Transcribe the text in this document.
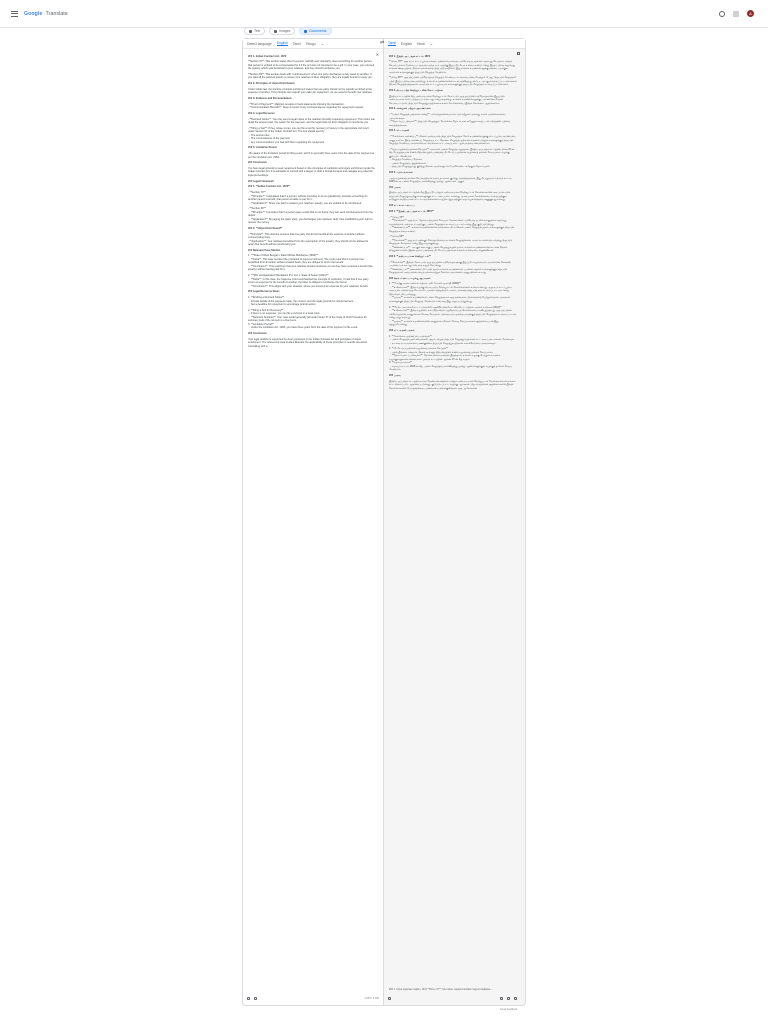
Google Translate	A
Text	Images	Documents
Detect language English Tamil Telugu ⌄
✕

### 1. Indian Contract Act, 1872

**Section 70**: This section states that if a person, lawfully and voluntarily, does something for another person, that person is entitled to be compensated for it if the act was not intended to be a gift. In your case, you returned the jewelry, which was beneficial to your relatives, and they should reimburse you.

**Section 69**: This section deals with "reimbursement" when one party discharges a duty owed by another. If you paid off the pawned jewelry to relieve your relatives of their obligation, they are legally bound to repay you.

### 2. Principles of Unjust Enrichment

Under Indian law, the doctrine of unjust enrichment states that one party should not be unjustly enriched at the expense of another. This principle can support your claim for repayment, as you acted to benefit your relatives.

### 3. Evidence and Documentation

- **Proof of Payment**: Maintain receipts or bank statements showing the transaction.
- **Communication Records**: Keep a record of any correspondence regarding the repayment request.

### 4. Legal Recourse

- **Demand Notice**: You may send a legal notice to the relatives formally requesting repayment. This notice can detail the amount paid, the reason for the payment, and the legal basis for their obligation to reimburse you.

- **Filing a Suit**: If they refuse to pay, you can file a suit for recovery of money in the appropriate civil court under Section 67 of the Indian Contract Act. The suit should specify:
- The amount due
- The circumstances of the payment
- Any communications you had with them regarding the repayment

### 5. Limitation Period

- Be aware of the limitation period for filing a suit, which is generally three years from the date of the payment as per the Limitation Act, 1963.

### Conclusion

You have legal grounds to seek repayment based on the principles of restitution and unjust enrichment under the Indian Contract Act. It is advisable to consult with a lawyer to draft a formal demand and navigate any potential legal proceedings.

### Legal Framework

### 1. **Indian Contract Act, 1872**

- **Section 70**
- **Principle**: It stipulates that if a person, without intending to do so gratuitously, provides something for another person's benefit, that person is liable to pay for it.
- **Application**: Since you paid to redeem your relatives' jewelry, you are entitled to be reimbursed.

- **Section 69**
- **Principle**: It provides that if a person pays a debt that is not theirs, they can seek reimbursement from the debtor.
- **Application**: By paying the pawn shop, you discharged your relatives' debt, thus establishing your right to recover the money.

### 2. **Unjust Enrichment**

- **Principle**: This doctrine ensures that one party should not benefit at the expense of another without compensating them.
- **Application**: Your relatives benefitted from the redemption of the jewelry; they should not be allowed to retain that benefit without reimbursing you.

### Relevant Case Studies

1. ***State of West Bengal v. Dasir Mohan Mukherjee (1960)**
- **Facts**: This case involved the principles of unjust enrichment. The court ruled that if a person has benefitted from an action without a lawful basis, they are obliged to return the benefit.
- **Conclusion**: This reinforces that your relatives should reimburse you as they have received a benefit (the jewelry) without having paid for it.

2. ***M/s. Amalgamated Plantations Pvt. Ltd. v. State of Assam (2011)**
- **Facts**: In this case, the Supreme Court emphasized the principle of restitution. It held that if one party incurs an expense for the benefit of another, the latter is obliged to reimburse the former.
- **Conclusion**: This aligns with your situation, where you incurred an expense for your relatives' benefit.

### Legal Recourse Steps

1. **Drafting a Demand Notice**
- Include details of the payment made, the context, and the legal grounds for reimbursement.
- Set a deadline for repayment to encourage prompt action.

2. **Filing a Suit for Recovery**
- If there is no response, you can file a civil suit in a local court.
- **Relevant Sections**: Your case would generally fall under Order 37 of the Code of Civil Procedure for summary suits if the amount is a fixed sum.
3. **Limitation Period**
- Under the Limitation Act, 1963, you have three years from the date of the payment to file a suit.

### Conclusion

Your legal position is supported by clear provisions in the Indian Contract Act and principles of unjust enrichment. The referenced case studies illustrate the applicability of these principles in real-life scenarios. Consulting with a

4,953 / 5,000
⇄ Tamil English Hindi ⌄

### 1. இந்திய ஒப்பந்தச் சட்டம், 1872

**பிரிவு 70**: ஒரு நபர், சட்டப்பூர்வமாகவும், தன்னார்வமாகவும், மற்றொரு நபருக்காக ஏதாவது செய்தால், அந்தச் செயல் பரிசாக நோக்கப்படாதவரை அந்த நபர் அதற்கு இழப்பீடு பெற உரிமை உண்டு என்று இந்தப் பிரிவு கூறுகிறது. உங்கள் விஷயத்தில், நீங்கள் நகைகளைத் திருப்பித் தந்தீர்கள், இது உங்கள் உறவினர்களுக்கு நன்மை பயக்கும், அவர்கள் உங்களுக்குத் திருப்பிச் செலுத்த வேண்டும்.

**பிரிவு 69**: ஒரு தரப்பினர் மற்றொருவர் செலுத்த வேண்டிய கடமையை நிறைவேற்றும் போது "திருப்பிச் செலுத்தல்" பற்றி இந்தப் பிரிவு கையாள்கிறது. உங்கள் உறவினர்களின் கடமையிலிருந்து விடுபட அடகு வைக்கப்பட்ட நகைகளை நீங்கள் செலுத்தியிருந்தால், அவர்கள் சட்டப்பூர்வமாக உங்களுக்குத் திருப்பிச் செலுத்தக் கடமைப்பட்டுள்ளனர்.

### 2. நியாயமற்ற செறிவூட்டலின் கோட்பாடுகள்

இந்தியச் சட்டத்தின் கீழ், அநியாயமான செறிவூட்டல் கோட்பாடு, ஒரு தரப்பினர் மற்றொருவரின் இழப்பில் அநியாயமாக வளப்படுத்தப்படக் கூடாது என்று கூறுகிறது. உங்கள் உறவினர்களுக்குப் பலனளிக்க நீங்கள் செயல்பட்டதால், திருப்பிச் செலுத்துவதற்கான உங்கள் கோரிக்கையை இந்தக் கொள்கை ஆதரிக்கலாம்.

### 3. சான்றுகள் மற்றும் ஆவணங்கள்

- **பணம் செலுத்தியதற்கான சான்று**: பரிவர்த்தனையைக் காட்டும் ரசீதுகள் அல்லது வங்கி அறிக்கைகளைப் பராமரிக்கவும்.
- **தொடர்புப் பதிவுகள்**: திருப்பிச் செலுத்தும் கோரிக்கை தொடர்பான ஏதேனும் கடிதப் பரிமாற்றத்தின் பதிவை வைத்திருக்கவும்.

### 4. சட்ட உதவி

- **கோரிக்கை அறிவிப்பு**: நீங்கள் முறையாகத் திருப்பிச் செலுத்தக் கோரி உறவினர்களுக்கு சட்டப்பூர்வ அறிவிப்பை அனுப்பலாம். இந்த அறிவிப்பு செலுத்தப்பட்ட தொகை, செலுத்தியதற்கான காரணம் மற்றும் உங்களுக்குத் திருப்பிச் செலுத்த வேண்டிய அவர்களின் கடமைக்கான சட்ட அடிப்படை ஆகியவற்றை விவரிக்கலாம்.

- **ஒரு வழக்கைத் தாக்கல் செய்தல்**: அவர்கள் பணம் செலுத்த மறுத்தால், இந்திய ஒப்பந்தச் சட்டத்தின் பிரிவு 67-ன் கீழ் பொருத்தமான சிவில் நீதிமன்றத்தில் பணத்தை மீட்டெடுப்பதற்கான வழக்கைத் தாக்கல் செய்யலாம். வழக்கு குறிப்பிட வேண்டும்:
- செலுத்த வேண்டிய தொகை
- பணம் செலுத்திய சூழ்நிலைகள்
- திருப்பிச் செலுத்துவது குறித்து நீங்கள் அவர்களுடன் மேற்கொண்ட ஏதேனும் தொடர்புகள்

### 5. வரம்புக் காலம்

- ஒரு வழக்கைத் தாக்கல் செய்வதற்கான வரம்புக் காலம் குறித்து அறிந்திருங்கள், இது பொதுவாக வரம்புச் சட்டம், 1963-ன்படி பணம் செலுத்திய நாளிலிருந்து மூன்று ஆண்டுகள் ஆகும்.

### முடிவு

இந்திய ஒப்பந்தச் சட்டத்தின் கீழ் இழப்பீடு மற்றும் அநியாயமான செறிவூட்டல் கொள்கைகளின் அடிப்படையில் திருப்பிச் செலுத்துவதற்கு உங்களுக்குச் சட்ட அடிப்படை உள்ளது. முறையான கோரிக்கையை வரைவதற்கும், ஏதேனும் சாத்தியமான சட்ட நடவடிக்கைகளை வழிநடத்துவதற்கும் ஒரு வழக்கறிஞரை அணுகுவது நல்லது.

### சட்டக் கட்டமைப்பு

### 1. **இந்திய ஒப்பந்தச் சட்டம், 1872**

- **பிரிவு 70**
- **கொள்கை**: ஒரு நபர், தேவையற்றதாகச் செய்யும் நோக்கமின்றி, மற்றொரு நபரின் நலனுக்காக ஏதாவது வழங்கினால், அந்த நபர் அதற்குப் பணம் செலுத்தக் கடமைப்பட்டவர் என்று இது குறிப்பிடுகிறது.
- **விண்ணப்பம்**: உங்கள் உறவினர்களின் நகைகளை மீட்க நீங்கள் பணம் செலுத்தியதால், உங்களுக்குத் திருப்பிச் செலுத்த உரிமை உண்டு.

- **பிரிவு 69**
- **கொள்கை**: ஒரு நபர் தனக்குச் சொந்தமில்லாத கடனைச் செலுத்தினால், அவர் கடனாளியிடமிருந்து திருப்பிச் செலுத்தக் கோரலாம் என்று இது வழங்குகிறது.
- **விண்ணப்பம்**: அடகுக் கடைக்குப் பணம் செலுத்துவதன் மூலம், உங்கள் உறவினர்களின் கடனை நீங்கள் தீர்த்துவிட்டீர்கள், இதன் மூலம் பணத்தை மீட்டெடுப்பதற்கான உங்கள் உரிமையை நிறுவினீர்கள்.

### 2. **அநியாயமான செறிவூட்டல்**

- **கொள்கை**: இந்தக் கோட்பாடு ஒரு தரப்பினர் மற்றொருவருக்கு இழப்பீடு வழங்காமல் அவர்களின் செலவில் பயனடையக் கூடாது என்பதை உறுதி செய்கிறது.
- **விண்ணப்பம்**: நகைகளை மீட்டதன் மூலம் உங்கள் உறவினர்கள் பயனடைந்தனர்; உங்களுக்குத் திருப்பிச் செலுத்தாமல் அந்த நன்மையைத் தக்கவைத்துக் கொள்ள அவர்களை அனுமதிக்கக் கூடாது.

### தொடர்புடைய வழக்கு ஆய்வுகள்

1. ***மேற்கு வங்க மாநிலம் எதிராக. தசீர் மோகன் முகர்ஜி (1960)**
- **உண்மைகள்**: இந்த வழக்கு நியாயமற்ற செறிவூட்டல் கொள்கைகளை உள்ளடக்கியது. ஒரு நபர் சட்டப்பூர்வ அடிப்படையின்றி ஒரு செயலால் பயனடைந்திருந்தால், அவர் பலனைத் திருப்பித் தரக் கடமைப்பட்டவர் என்று நீதிமன்றம் தீர்ப்பளித்தது.
- **முடிவு**: உங்கள் உறவினர்கள் பணம் செலுத்தாமல் ஒரு நன்மையை (நகைகளை) பெற்றுள்ளதால், அவர்கள் உங்களுக்குத் திருப்பிச் செலுத்த வேண்டும் என்பதை இது வலுப்படுத்துகிறது.

2. ***மெ/ச. அமால்கமேட்டட் பிளான்டேஷன்ஸ் பிரைவேட் லிமிடெட் எதிராக. அசாம் மாநிலம் (2011)**
- **உண்மைகள்**: இந்த வழக்கில், உச்ச நீதிமன்றம் மறுசீரமைப்புக் கொள்கையை வலியுறுத்தியது. ஒரு தரப்பினர் மற்றொருவரின் நலனுக்காகச் செலவு செய்தால், பிந்தையவர் முந்தையவருக்குத் திருப்பிச் செலுத்தக் கடமைப்பட்டவர் என்று அது கூறியது.
- **முடிவு**: உங்கள் உறவினர்களின் நலனுக்காக நீங்கள் செலவு செய்த உங்கள் சூழ்நிலையுடன் இது ஒத்துப்போகிறது.

### சட்ட உதவி படிகள்

1. **கோரிக்கை அறிவிப்பை வரைதல்**
- பணம் செலுத்தியதன் விவரங்கள், சூழல் மற்றும் திருப்பிச் செலுத்துவதற்கான சட்ட அடிப்படைகளைச் சேர்க்கவும்.
- உடனடி நடவடிக்கையை ஊக்குவிக்க திருப்பிச் செலுத்துவதற்கான காலக்கெடுவை அமைக்கவும்.

2. **மீட்டெடுப்பதற்கான வழக்கைத் தாக்கல் செய்தல்**
- பதில் இல்லை என்றால், நீங்கள் உள்ளூர் நீதிமன்றத்தில் சிவில் வழக்கைத் தாக்கல் செய்யலாம்.
- **தொடர்புடைய பிரிவுகள்**: தொகை நிலையானதாக இருந்தால், உங்கள் வழக்கு பொதுவாக சுருக்க வழக்குகளுக்கான சிவில் நடைமுறைச் சட்டத்தின் ஆணை 37-ன் கீழ் வரும்.
3. **வரம்புக் காலம்**
- வரம்புச் சட்டம், 1963-ன் கீழ், பணம் செலுத்திய நாளிலிருந்து மூன்று ஆண்டுகளுக்குள் வழக்குத் தாக்கல் செய்ய வேண்டும்.

### முடிவு

இந்திய ஒப்பந்தச் சட்டத்தில் உள்ள தெளிவான விதிகள் மற்றும் அநியாயமான செறிவூட்டல் கொள்கைகளால் உங்கள் சட்ட நிலைப்பாடு ஆதரிக்கப்படுகிறது. குறிப்பிடப்பட்ட வழக்கு ஆய்வுகள், நிஜ வாழ்க்கைச் சூழ்நிலைகளில் இந்தக் கொள்கைகளின் பொருந்தக்கூடிய தன்மையை விளக்குகின்றன. ஒரு ஆலோசனை

### 1. Intiya oppantac caṭṭam, 1872 **Pirivu 70**: Oru nabar, caṭṭapūrvamāka maṟṟum tāṉākavē...
Send feedback
